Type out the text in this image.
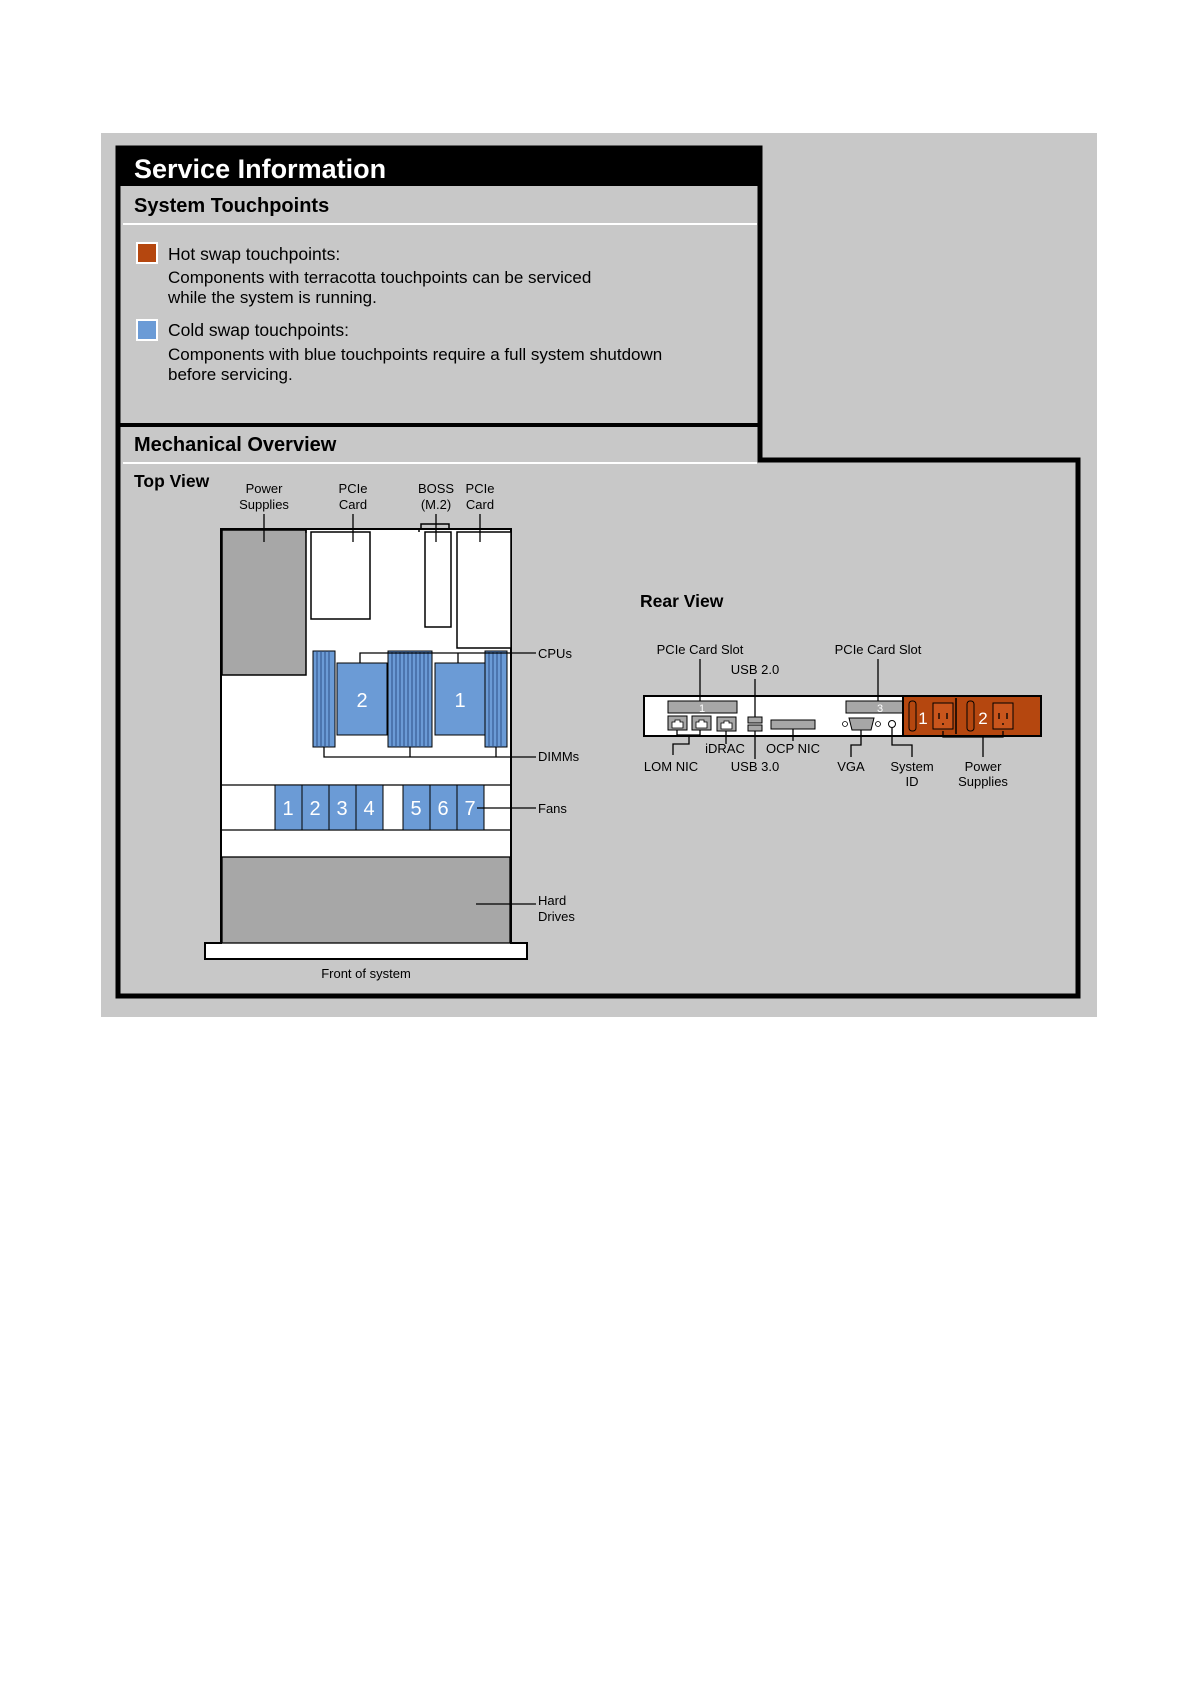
Service Information
System Touchpoints
Hot swap touchpoints:
Components with terracotta touchpoints can be serviced
while the system is running.
Cold swap touchpoints:
Components with blue touchpoints require a full system shutdown
before servicing.
Mechanical Overview
Top View
2	1
CPUs
DIMMs
1 2 3 4 5 6 7	Fans
Hard
Drives
Front of system
Power
Supplies
PCIe
Card
BOSS
(M.2)
PCIe
Card
Rear View
1	3 1	2
PCIe Card Slot	PCIe Card Slot
USB 2.0
LOM NIC
iDRAC
USB 3.0
OCP NIC
VGA System
ID
Power
Supplies
